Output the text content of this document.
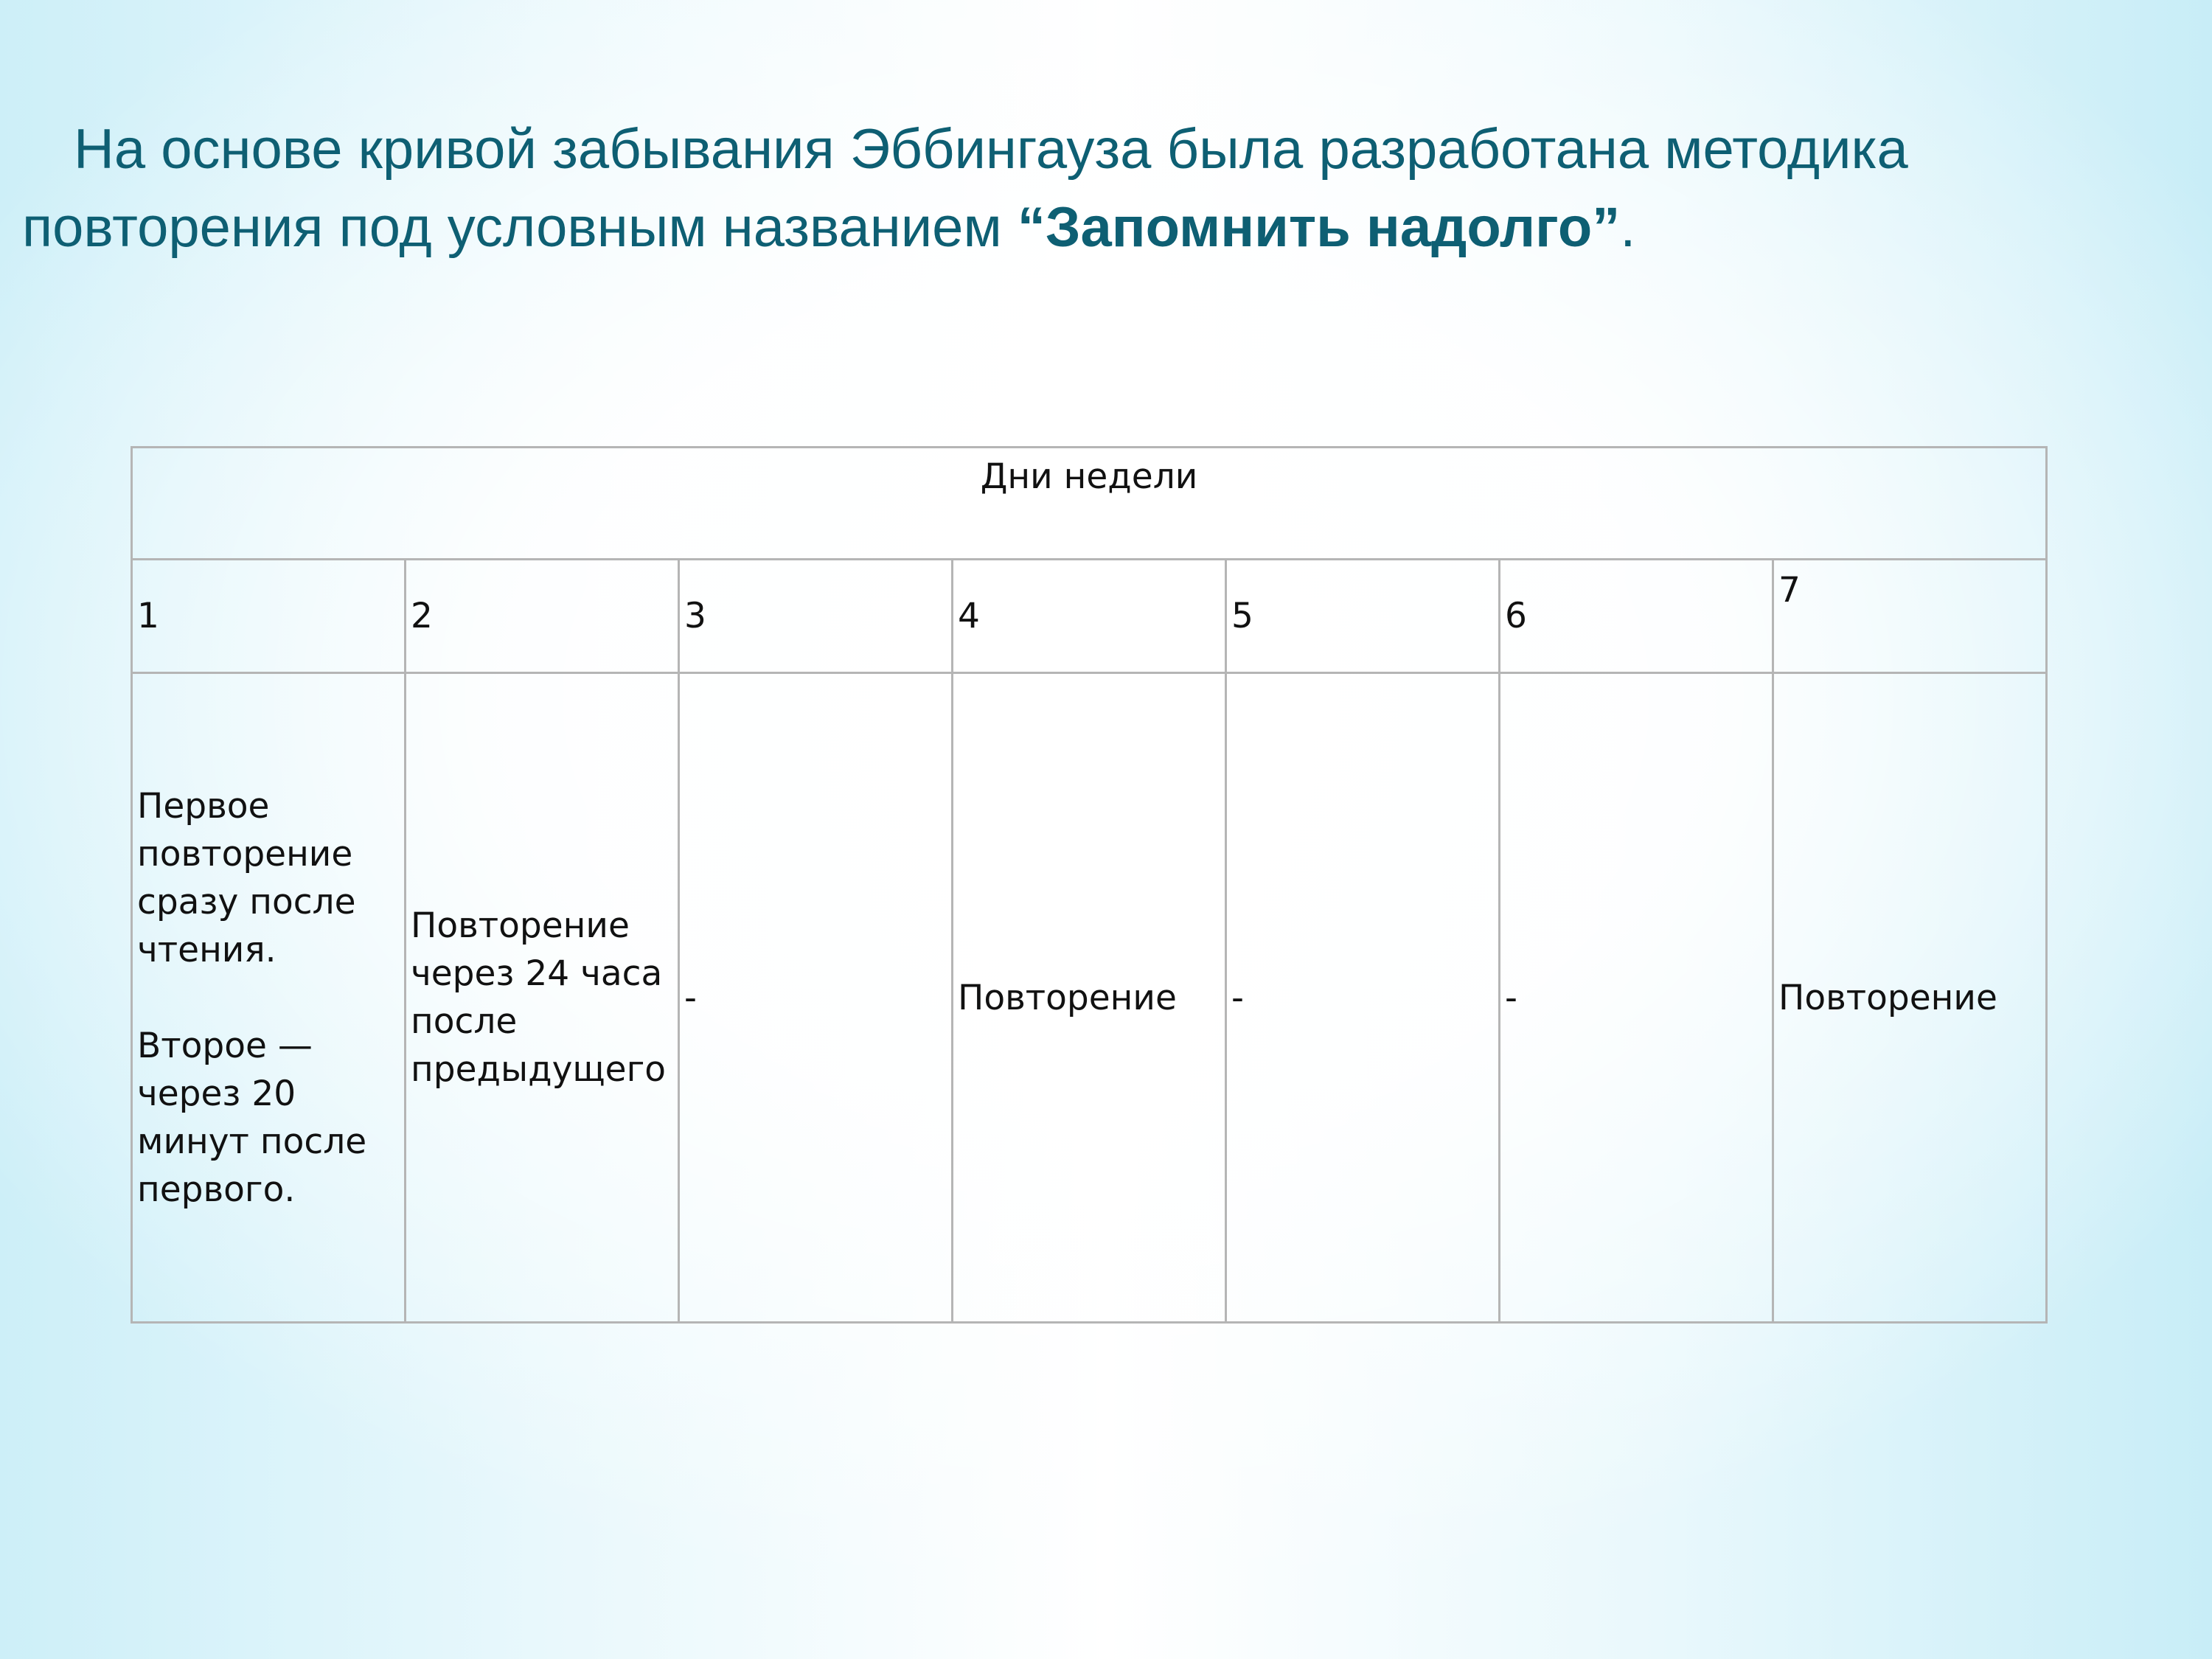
На основе кривой забывания Эббингауза была разработана методика
повторения под условным названием “Запомнить надолго”.

Дни недели						
1	2	3	4	5	6	7

Первое повторение сразу после чтения.
Второе — через 20 минут после первого.	Повторение через 24 часа после предыдущего	-	Повторение	-	-	Повторение
